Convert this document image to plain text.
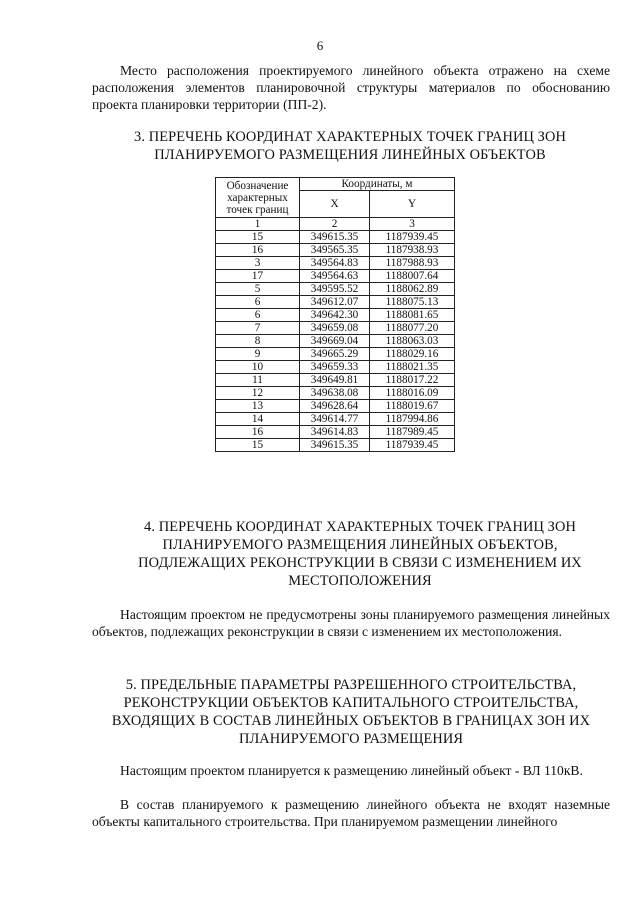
6

Место расположения проектируемого линейного объекта отражено на схеме расположения элементов планировочной структуры материалов по обоснованию проекта планировки территории (ПП-2).

3. ПЕРЕЧЕНЬ КООРДИНАТ ХАРАКТЕРНЫХ ТОЧЕК ГРАНИЦ ЗОН ПЛАНИРУЕМОГО РАЗМЕЩЕНИЯ ЛИНЕЙНЫХ ОБЪЕКТОВ

Обозначение характерных точек границ	Координаты, м	
	X	Y
1	2	3
15	349615.35	1187939.45
16	349565.35	1187938.93
3	349564.83	1187988.93
17	349564.63	1188007.64
5	349595.52	1188062.89
6	349612.07	1188075.13
6	349642.30	1188081.65
7	349659.08	1188077.20
8	349669.04	1188063.03
9	349665.29	1188029.16
10	349659.33	1188021.35
11	349649.81	1188017.22
12	349638.08	1188016.09
13	349628.64	1188019.67
14	349614.77	1187994.86
16	349614.83	1187989.45
15	349615.35	1187939.45

4. ПЕРЕЧЕНЬ КООРДИНАТ ХАРАКТЕРНЫХ ТОЧЕК ГРАНИЦ ЗОН ПЛАНИРУЕМОГО РАЗМЕЩЕНИЯ ЛИНЕЙНЫХ ОБЪЕКТОВ, ПОДЛЕЖАЩИХ РЕКОНСТРУКЦИИ В СВЯЗИ С ИЗМЕНЕНИЕМ ИХ МЕСТОПОЛОЖЕНИЯ

Настоящим проектом не предусмотрены зоны планируемого размещения линейных объектов, подлежащих реконструкции в связи с изменением их местоположения.

5. ПРЕДЕЛЬНЫЕ ПАРАМЕТРЫ РАЗРЕШЕННОГО СТРОИТЕЛЬСТВА, РЕКОНСТРУКЦИИ ОБЪЕКТОВ КАПИТАЛЬНОГО СТРОИТЕЛЬСТВА, ВХОДЯЩИХ В СОСТАВ ЛИНЕЙНЫХ ОБЪЕКТОВ В ГРАНИЦАХ ЗОН ИХ ПЛАНИРУЕМОГО РАЗМЕЩЕНИЯ

Настоящим проектом планируется к размещению линейный объект - ВЛ 110кВ.

В состав планируемого к размещению линейного объекта не входят наземные объекты капитального строительства. При планируемом размещении линейного
